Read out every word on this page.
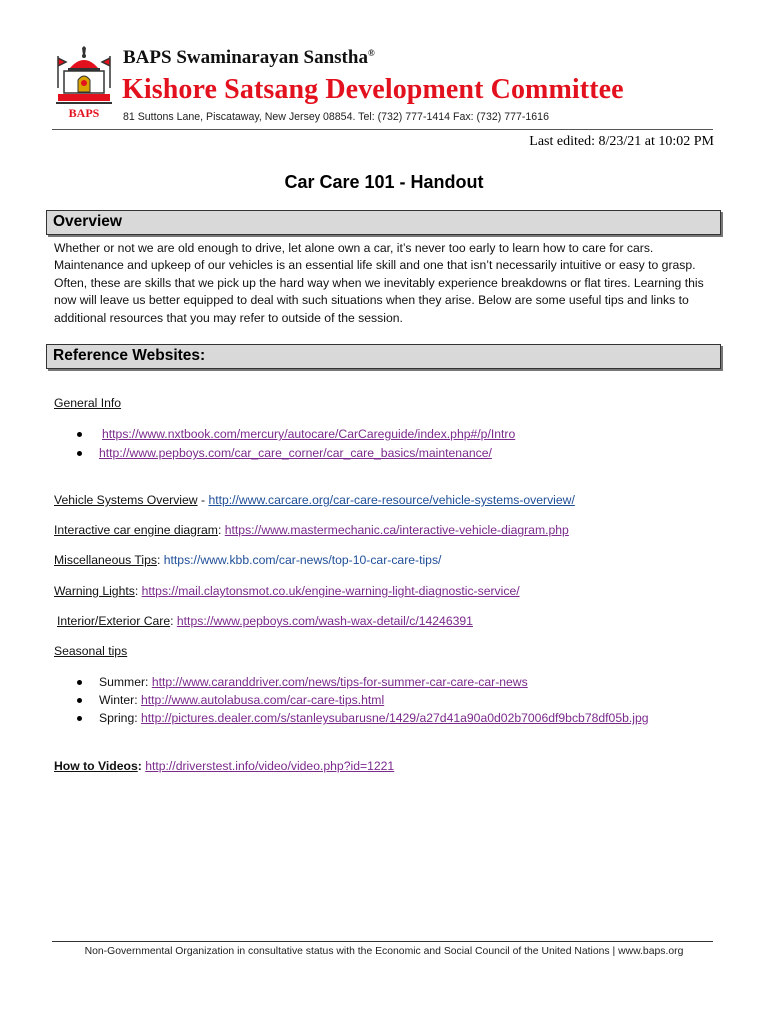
BAPS
BAPS Swaminarayan Sanstha®
Kishore Satsang Development Committee
81 Suttons Lane, Piscataway, New Jersey 08854. Tel: (732) 777-1414 Fax: (732) 777-1616
Last edited: 8/23/21 at 10:02 PM
Car Care 101 - Handout
Overview
Whether or not we are old enough to drive, let alone own a car, it’s never too early to learn how to care for cars. Maintenance and upkeep of our vehicles is an essential life skill and one that isn’t necessarily intuitive or easy to grasp. Often, these are skills that we pick up the hard way when we inevitably experience breakdowns or flat tires. Learning this now will leave us better equipped to deal with such situations when they arise. Below are some useful tips and links to additional resources that you may refer to outside of the session.
Reference Websites:
General Info
https://www.nxtbook.com/mercury/autocare/CarCareguide/index.php#/p/Intro
http://www.pepboys.com/car_care_corner/car_care_basics/maintenance/
Vehicle Systems Overview - http://www.carcare.org/car-care-resource/vehicle-systems-overview/
Interactive car engine diagram: https://www.mastermechanic.ca/interactive-vehicle-diagram.php
Miscellaneous Tips: https://www.kbb.com/car-news/top-10-car-care-tips/
Warning Lights: https://mail.claytonsmot.co.uk/engine-warning-light-diagnostic-service/
Interior/Exterior Care: https://www.pepboys.com/wash-wax-detail/c/14246391
Seasonal tips
Summer: http://www.caranddriver.com/news/tips-for-summer-car-care-car-news
Winter: http://www.autolabusa.com/car-care-tips.html
Spring: http://pictures.dealer.com/s/stanleysubarusne/1429/a27d41a90a0d02b7006df9bcb78df05b.jpg
How to Videos: http://driverstest.info/video/video.php?id=1221
Non-Governmental Organization in consultative status with the Economic and Social Council of the United Nations | www.baps.org
